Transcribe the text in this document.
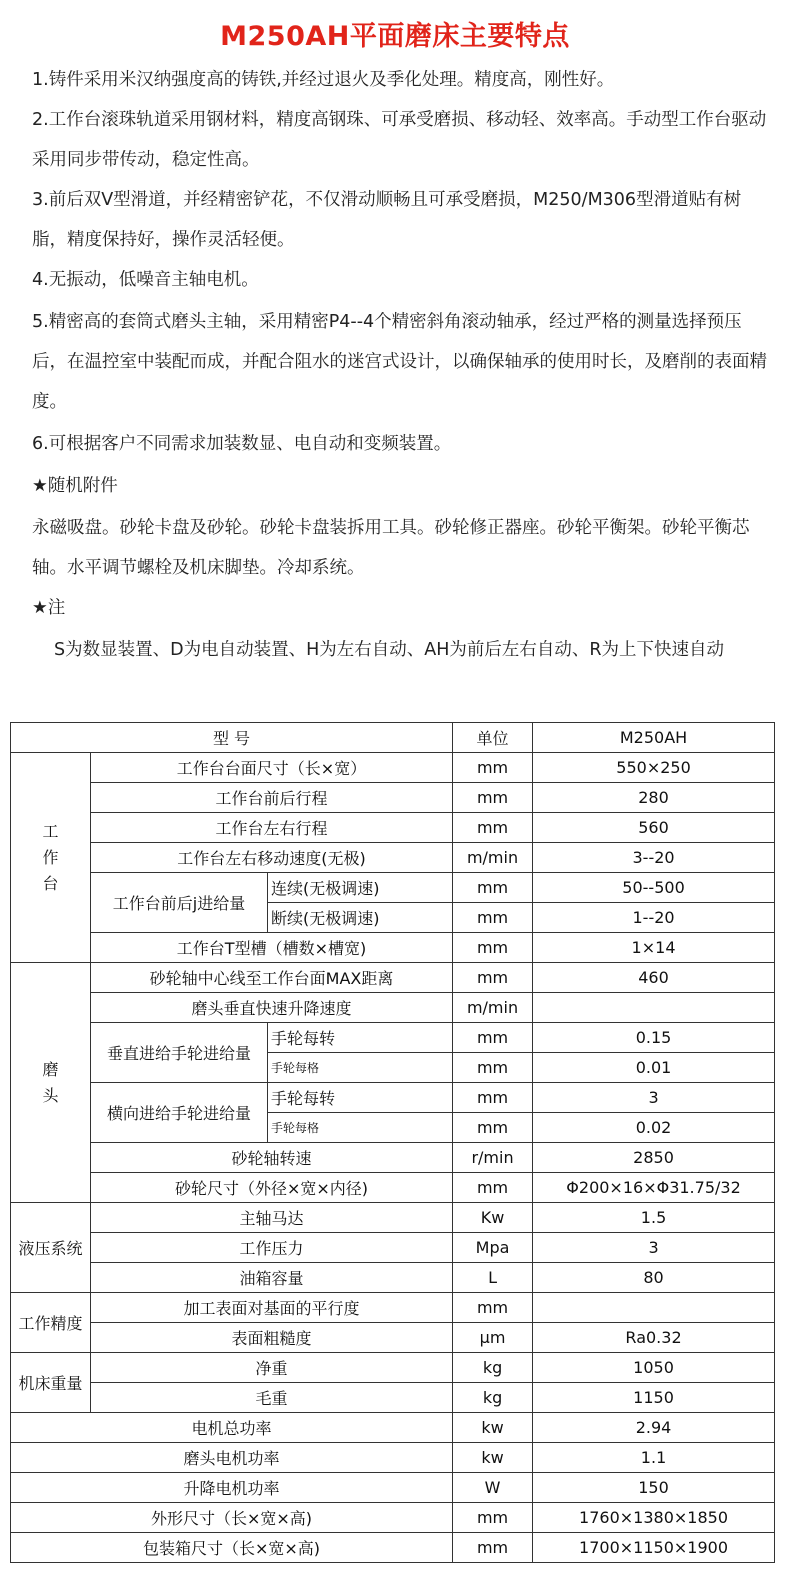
M250AH平面磨床主要特点
1.铸件采用米汉纳强度高的铸铁,并经过退火及季化处理。精度高，刚性好。
2.工作台滚珠轨道采用钢材料，精度高钢珠、可承受磨损、移动轻、效率高。手动型工作台驱动采用同步带传动，稳定性高。
3.前后双V型滑道，并经精密铲花，不仅滑动顺畅且可承受磨损，M250/M306型滑道贴有树脂，精度保持好，操作灵活轻便。
4.无振动，低噪音主轴电机。
5.精密高的套筒式磨头主轴，采用精密P4--4个精密斜角滚动轴承，经过严格的测量选择预压后，在温控室中装配而成，并配合阻水的迷宫式设计，以确保轴承的使用时长，及磨削的表面精度。
6.可根据客户不同需求加装数显、电自动和变频装置。
★随机附件
永磁吸盘。砂轮卡盘及砂轮。砂轮卡盘装拆用工具。砂轮修正器座。砂轮平衡架。砂轮平衡芯轴。水平调节螺栓及机床脚垫。冷却系统。
★注
S为数显装置、D为电自动装置、H为左右自动、AH为前后左右自动、R为上下快速自动
型 号			单位	M250AH
工
作
台	工作台台面尺寸（长×宽）		mm	550×250
	工作台前后行程		mm	280
	工作台左右行程		mm	560
	工作台左右移动速度(无极)		m/min	3--20
	工作台前后j进给量	连续(无极调速)	mm	50--500
		断续(无极调速)	mm	1--20
	工作台T型槽（槽数×槽宽)		mm	1×14
磨
头	砂轮轴中心线至工作台面MAX距离		mm	460
	磨头垂直快速升降速度		m/min	
	垂直进给手轮进给量	手轮每转	mm	0.15
		手轮每格	mm	0.01
	横向进给手轮进给量	手轮每转	mm	3
		手轮每格	mm	0.02
	砂轮轴转速		r/min	2850
	砂轮尺寸（外径×宽×内径)		mm	Φ200×16×Φ31.75/32
液压系统	主轴马达		Kw	1.5
	工作压力		Mpa	3
	油箱容量		L	80
工作精度	加工表面对基面的平行度		mm	
	表面粗糙度		μm	Ra0.32
机床重量	净重		kg	1050
	毛重		kg	1150
电机总功率			kw	2.94
磨头电机功率			kw	1.1
升降电机功率			W	150
外形尺寸（长×宽×高)			mm	1760×1380×1850
包装箱尺寸（长×宽×高)			mm	1700×1150×1900
